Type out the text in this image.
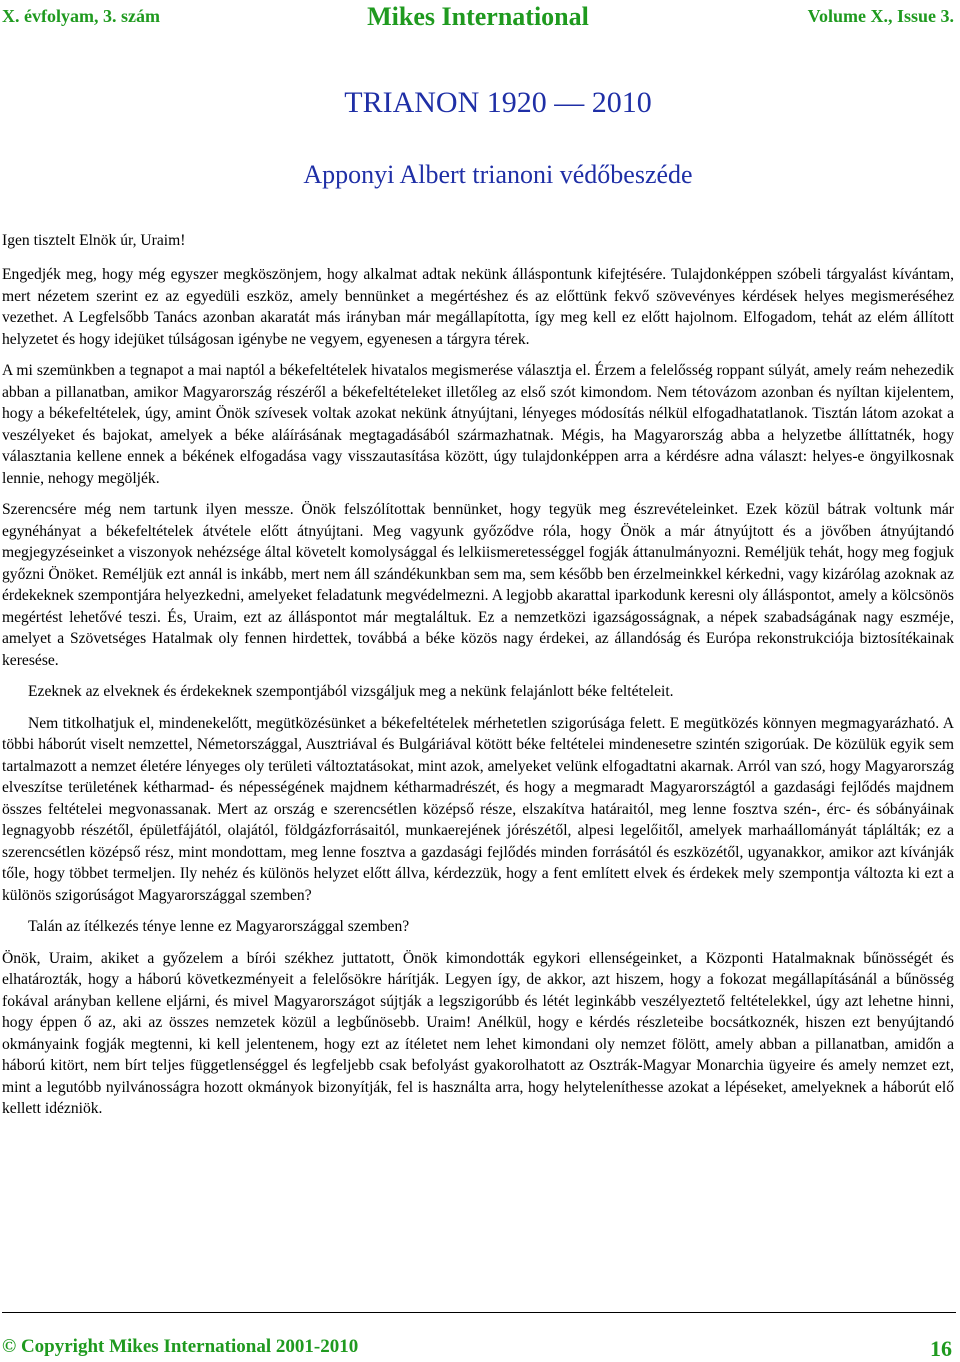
X. évfolyam, 3. szám	Mikes International	Volume X., Issue 3.
TRIANON 1920 — 2010
Apponyi Albert trianoni védőbeszéde
Igen tisztelt Elnök úr, Uraim!

Engedjék meg, hogy még egyszer megköszönjem, hogy alkalmat adtak nekünk álláspontunk kifejtésére. Tulajdonképpen szóbeli tárgyalást kívántam, mert nézetem szerint ez az egyedüli eszköz, amely bennünket a megértéshez és az előttünk fekvő szövevényes kérdések helyes megismeréséhez vezethet. A Legfelsőbb Tanács azonban akaratát más irányban már megállapította, így meg kell ez előtt hajolnom. Elfogadom, tehát az elém állított helyzetet és hogy idejüket túlságosan igénybe ne vegyem, egyenesen a tárgyra térek.

A mi szemünkben a tegnapot a mai naptól a békefeltételek hivatalos megismerése választja el. Érzem a felelősség roppant súlyát, amely reám nehezedik abban a pillanatban, amikor Magyarország részéről a békefeltételeket illetőleg az első szót kimondom. Nem tétovázom azonban és nyíltan kijelentem, hogy a békefeltételek, úgy, amint Önök szívesek voltak azokat nekünk átnyújtani, lényeges módosítás nélkül elfogadhatatlanok. Tisztán látom azokat a veszélyeket és bajokat, amelyek a béke aláírásának megtagadásából származhatnak. Mégis, ha Magyarország abba a helyzetbe állíttatnék, hogy választania kellene ennek a békének elfogadása vagy visszautasítása között, úgy tulajdonképpen arra a kérdésre adna választ: helyes-e öngyilkosnak lennie, nehogy megöljék.

Szerencsére még nem tartunk ilyen messze. Önök felszólítottak bennünket, hogy tegyük meg észrevételeinket. Ezek közül bátrak voltunk már egynéhányat a békefeltételek átvétele előtt átnyújtani. Meg vagyunk győződve róla, hogy Önök a már átnyújtott és a jövőben átnyújtandó megjegyzéseinket a viszonyok nehézsége által követelt komolysággal és lelkiismeretességgel fogják áttanulmányozni. Reméljük tehát, hogy meg fogjuk győzni Önöket. Reméljük ezt annál is inkább, mert nem áll szándékunkban sem ma, sem később ben érzelmeinkkel kérkedni, vagy kizárólag azoknak az érdekeknek szempontjára helyezkedni, amelyeket feladatunk megvédelmezni. A legjobb akarattal iparkodunk keresni oly álláspontot, amely a kölcsönös megértést lehetővé teszi. És, Uraim, ezt az álláspontot már megtaláltuk. Ez a nemzetközi igazságosságnak, a népek szabadságának nagy eszméje, amelyet a Szövetséges Hatalmak oly fennen hirdettek, továbbá a béke közös nagy érdekei, az állandóság és Európa rekonstrukciója biztosítékainak keresése.

Ezeknek az elveknek és érdekeknek szempontjából vizsgáljuk meg a nekünk felajánlott béke feltételeit.

Nem titkolhatjuk el, mindenekelőtt, megütközésünket a békefeltételek mérhetetlen szigorúsága felett. E megütközés könnyen megmagyarázható. A többi háborút viselt nemzettel, Németországgal, Ausztriával és Bulgáriával kötött béke feltételei mindenesetre szintén szigorúak. De közülük egyik sem tartalmazott a nemzet életére lényeges oly területi változtatásokat, mint azok, amelyeket velünk elfogadtatni akarnak. Arról van szó, hogy Magyarország elveszítse területének kétharmad- és népességének majdnem kétharmadrészét, és hogy a megmaradt Magyarországtól a gazdasági fejlődés majdnem összes feltételei megvonassanak. Mert az ország e szerencsétlen középső része, elszakítva határaitól, meg lenne fosztva szén-, érc- és sóbányáinak legnagyobb részétől, épületfájától, olajától, földgázforrásaitól, munkaerejének jórészétől, alpesi legelőitől, amelyek marhaállományát táplálták; ez a szerencsétlen középső rész, mint mondottam, meg lenne fosztva a gazdasági fejlődés minden forrásától és eszközétől, ugyanakkor, amikor azt kívánják tőle, hogy többet termeljen. Ily nehéz és különös helyzet előtt állva, kérdezzük, hogy a fent említett elvek és érdekek mely szempontja változta ki ezt a különös szigorúságot Magyarországgal szemben?

Talán az ítélkezés ténye lenne ez Magyarországgal szemben?

Önök, Uraim, akiket a győzelem a bírói székhez juttatott, Önök kimondották egykori ellenségeinket, a Központi Hatalmaknak bűnösségét és elhatározták, hogy a háború következményeit a felelősökre hárítják. Legyen így, de akkor, azt hiszem, hogy a fokozat megállapításánál a bűnösség fokával arányban kellene eljárni, és mivel Magyarországot sújtják a legszigorúbb és létét leginkább veszélyeztető feltételekkel, úgy azt lehetne hinni, hogy éppen ő az, aki az összes nemzetek közül a legbűnösebb. Uraim! Anélkül, hogy e kérdés részleteibe bocsátkoznék, hiszen ezt benyújtandó okmányaink fogják megtenni, ki kell jelentenem, hogy ezt az ítéletet nem lehet kimondani oly nemzet fölött, amely abban a pillanatban, amidőn a háború kitört, nem bírt teljes függetlenséggel és legfeljebb csak befolyást gyakorolhatott az Osztrák-Magyar Monarchia ügyeire és amely nemzet ezt, mint a legutóbb nyilvánosságra hozott okmányok bizonyítják, fel is használta arra, hogy helyteleníthesse azokat a lépéseket, amelyeknek a háborút elő kellett idézniök.

© Copyright Mikes International 2001-2010	16
